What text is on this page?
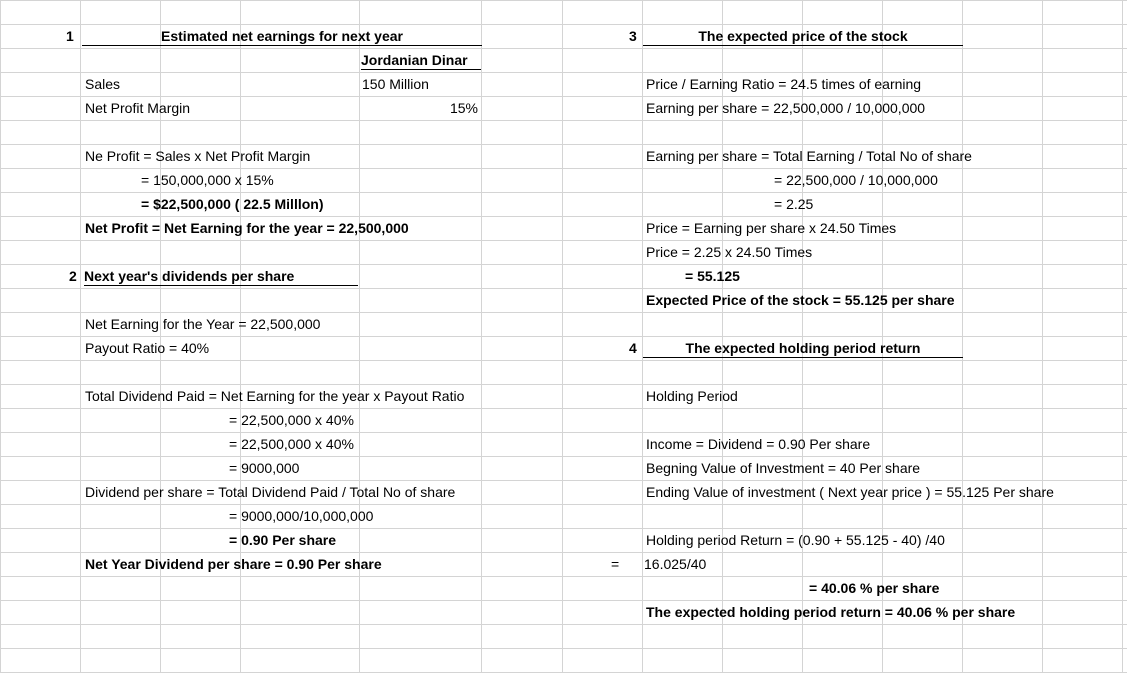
1	Estimated net earnings for next year
Jordanian Dinar
Sales	150 Million
Net Profit Margin	15%
Ne Profit = Sales x Net Profit Margin
= 150,000,000 x 15%
= $22,500,000 ( 22.5 Milllon)
Net Profit = Net Earning for the year = 22,500,000
2 Next year's dividends per share
Net Earning for the Year = 22,500,000
Payout Ratio = 40%
Total Dividend Paid = Net Earning for the year x Payout Ratio
= 22,500,000 x 40%
= 22,500,000 x 40%
= 9000,000
Dividend per share = Total Dividend Paid / Total No of share
= 9000,000/10,000,000
= 0.90 Per share
Net Year Dividend per share = 0.90 Per share
3	The expected price of the stock
Price / Earning Ratio = 24.5 times of earning
Earning per share = 22,500,000 / 10,000,000
Earning per share = Total Earning / Total No of share
= 22,500,000 / 10,000,000
= 2.25
Price = Earning per share x 24.50 Times
Price = 2.25 x 24.50 Times
= 55.125
Expected Price of the stock = 55.125 per share
4	The expected holding period return
Holding Period
Income = Dividend = 0.90 Per share
Begning Value of Investment = 40 Per share
Ending Value of investment ( Next year price ) = 55.125 Per share
Holding period Return = (0.90 + 55.125 - 40) /40
= 16.025/40
= 40.06 % per share
The expected holding period return = 40.06 % per share
